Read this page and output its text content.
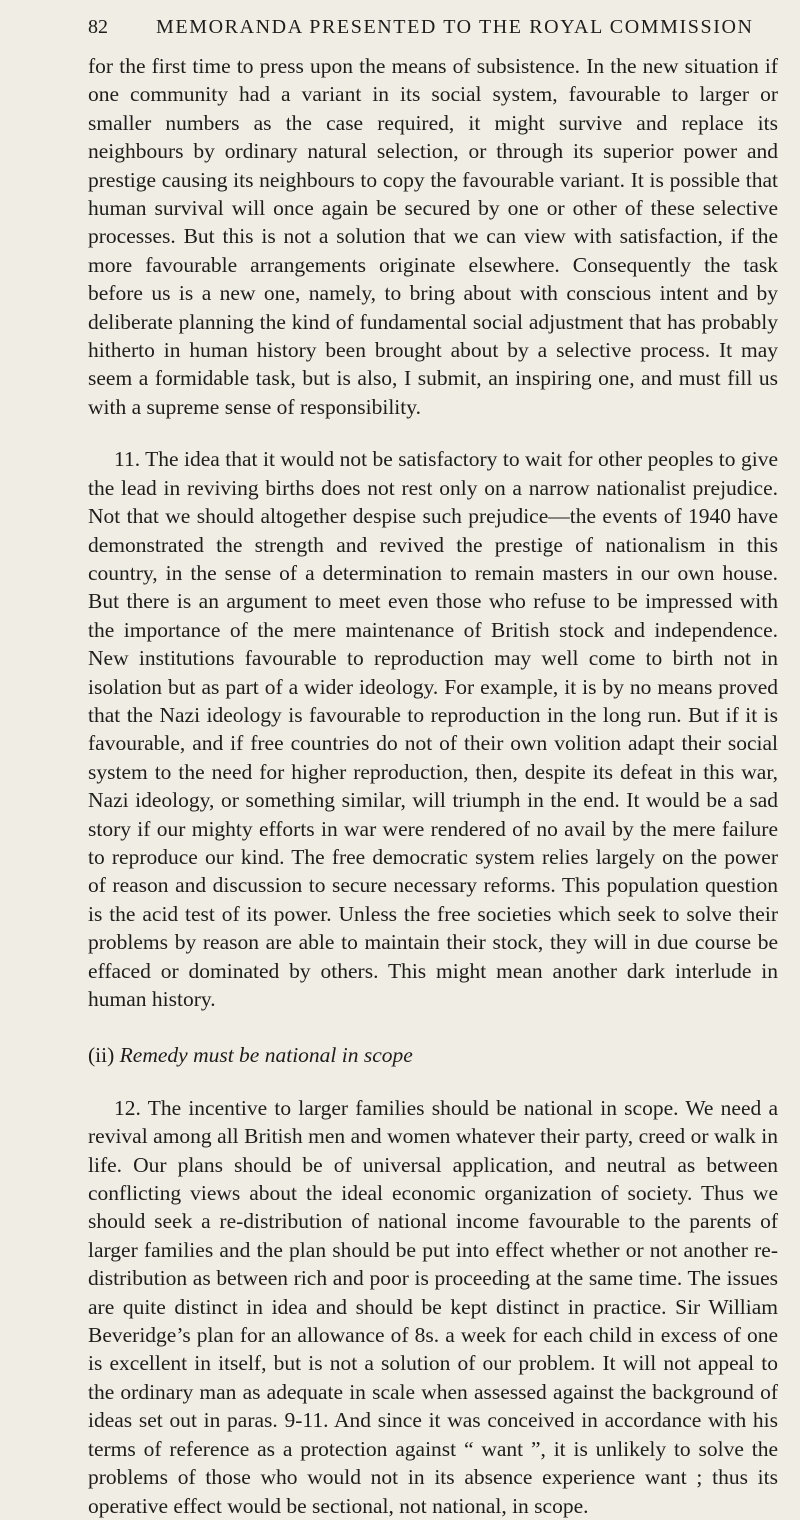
82 MEMORANDA PRESENTED TO THE ROYAL COMMISSION

for the first time to press upon the means of subsistence. In the new situation if one community had a variant in its social system, favourable to larger or smaller numbers as the case required, it might survive and replace its neighbours by ordinary natural selection, or through its superior power and prestige causing its neighbours to copy the favourable variant. It is possible that human survival will once again be secured by one or other of these selective processes. But this is not a solution that we can view with satisfaction, if the more favourable arrangements originate elsewhere. Consequently the task before us is a new one, namely, to bring about with conscious intent and by deliberate planning the kind of fundamental social adjustment that has probably hitherto in human history been brought about by a selective process. It may seem a formidable task, but is also, I submit, an inspiring one, and must fill us with a supreme sense of responsibility.

11. The idea that it would not be satisfactory to wait for other peoples to give the lead in reviving births does not rest only on a narrow nationalist prejudice. Not that we should altogether despise such prejudice—the events of 1940 have demonstrated the strength and revived the prestige of nationalism in this country, in the sense of a determination to remain masters in our own house. But there is an argument to meet even those who refuse to be impressed with the importance of the mere maintenance of British stock and independence. New institutions favourable to reproduction may well come to birth not in isolation but as part of a wider ideology. For example, it is by no means proved that the Nazi ideology is favourable to reproduction in the long run. But if it is favourable, and if free countries do not of their own volition adapt their social system to the need for higher reproduction, then, despite its defeat in this war, Nazi ideology, or something similar, will triumph in the end. It would be a sad story if our mighty efforts in war were rendered of no avail by the mere failure to reproduce our kind. The free democratic system relies largely on the power of reason and discussion to secure necessary reforms. This population question is the acid test of its power. Unless the free societies which seek to solve their problems by reason are able to maintain their stock, they will in due course be effaced or dominated by others. This might mean another dark interlude in human history.

(ii) Remedy must be national in scope

12. The incentive to larger families should be national in scope. We need a revival among all British men and women whatever their party, creed or walk in life. Our plans should be of universal application, and neutral as between conflicting views about the ideal economic organization of society. Thus we should seek a re-distribution of national income favourable to the parents of larger families and the plan should be put into effect whether or not another re-distribution as between rich and poor is proceeding at the same time. The issues are quite distinct in idea and should be kept distinct in practice. Sir William Beveridge’s plan for an allowance of 8s. a week for each child in excess of one is excellent in itself, but is not a solution of our problem. It will not appeal to the ordinary man as adequate in scale when assessed against the background of ideas set out in paras. 9-11. And since it was conceived in accordance with his terms of reference as a protection against “ want ”, it is unlikely to solve the problems of those who would not in its absence experience want ; thus its operative effect would be sectional, not national, in scope.
